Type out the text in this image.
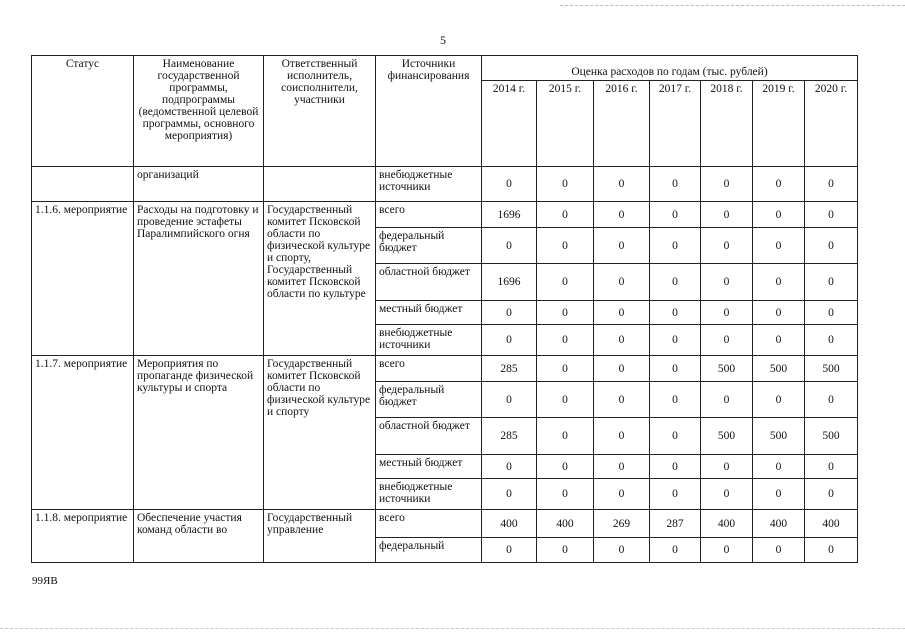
5
Статус	Наименование государственной программы, подпрограммы (ведомственной целевой программы, основного мероприятия)	Ответственный исполнитель, соисполнители, участники	Источники финансирования	Оценка расходов по годам (тыс. рублей)						
				2014 г.	2015 г.	2016 г.	2017 г.	2018 г.	2019 г.	2020 г.
	организаций		внебюджетные источники	0	0	0	0	0	0	0
1.1.6. мероприятие	Расходы на подготовку и проведение эстафеты Паралимпийского огня	Государственный комитет Псковской области по физической культуре и спорту, Государственный комитет Псковской области по культуре	всего	1696	0	0	0	0	0	0
			федеральный бюджет	0	0	0	0	0	0	0
			областной бюджет	1696	0	0	0	0	0	0
			местный бюджет	0	0	0	0	0	0	0
			внебюджетные источники	0	0	0	0	0	0	0
1.1.7. мероприятие	Мероприятия по пропаганде физической культуры и спорта	Государственный комитет Псковской области по физической культуре и спорту	всего	285	0	0	0	500	500	500
			федеральный бюджет	0	0	0	0	0	0	0
			областной бюджет	285	0	0	0	500	500	500
			местный бюджет	0	0	0	0	0	0	0
			внебюджетные источники	0	0	0	0	0	0	0
1.1.8. мероприятие	Обеспечение участия команд области во	Государственный управление	всего	400	400	269	287	400	400	400
			федеральный	0	0	0	0	0	0	0
99ЯВ
